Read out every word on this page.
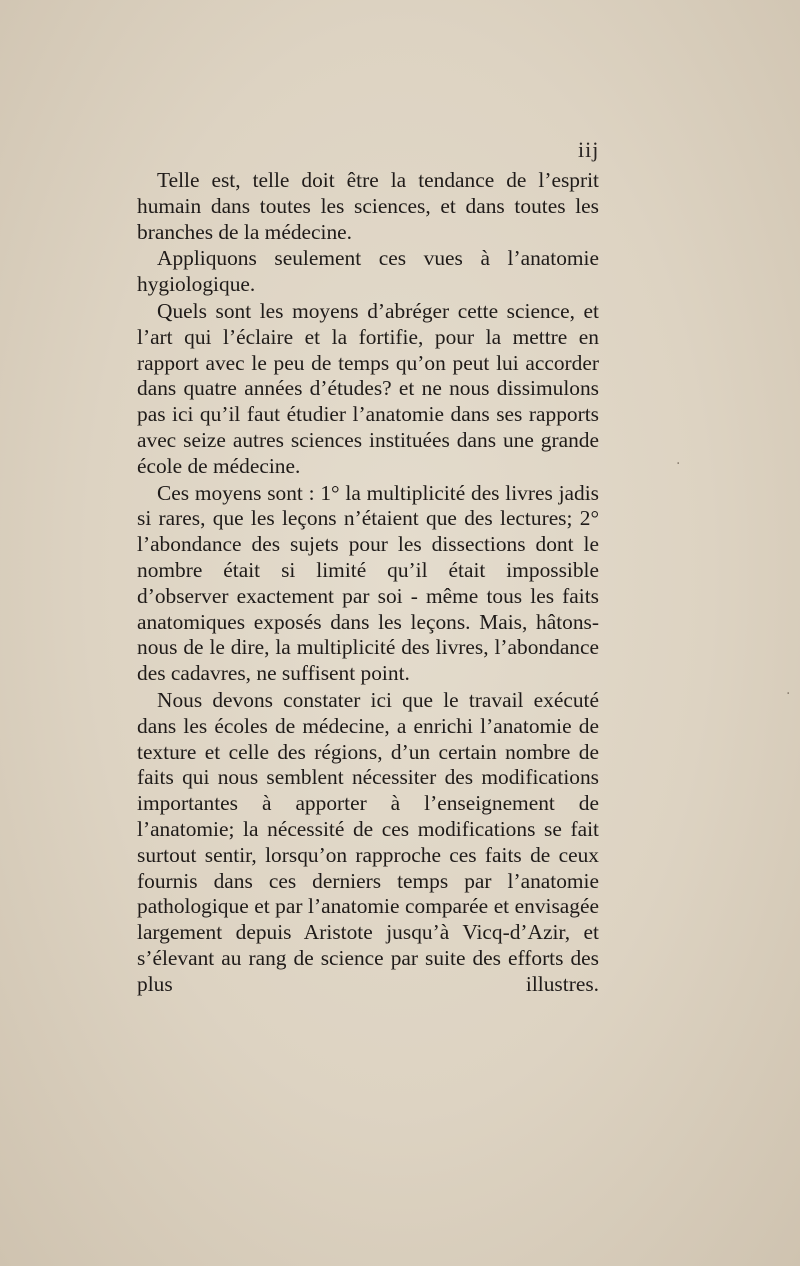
iij

Telle est, telle doit être la tendance de l’esprit humain dans toutes les sciences, et dans toutes les branches de la médecine.

Appliquons seulement ces vues à l’anatomie hygiologique.

Quels sont les moyens d’abréger cette science, et l’art qui l’éclaire et la fortifie, pour la mettre en rapport avec le peu de temps qu’on peut lui accorder dans quatre années d’études? et ne nous dissimulons pas ici qu’il faut étudier l’anatomie dans ses rapports avec seize autres sciences instituées dans une grande école de médecine.

Ces moyens sont : 1° la multiplicité des livres jadis si rares, que les leçons n’étaient que des lectures; 2° l’abondance des sujets pour les dissections dont le nombre était si limité qu’il était impossible d’observer exactement par soi - même tous les faits anatomiques exposés dans les leçons. Mais, hâtons-nous de le dire, la multiplicité des livres, l’abondance des cadavres, ne suffisent point.

Nous devons constater ici que le travail exécuté dans les écoles de médecine, a enrichi l’anatomie de texture et celle des régions, d’un certain nombre de faits qui nous semblent nécessiter des modifications importantes à apporter à l’enseignement de l’anatomie; la nécessité de ces modifications se fait surtout sentir, lorsqu’on rapproche ces faits de ceux fournis dans ces derniers temps par l’anatomie pathologique et par l’anatomie comparée et envisagée largement depuis Aristote jusqu’à Vicq-d’Azir, et s’élevant au rang de science par suite des efforts des plus illustres.

·
·
